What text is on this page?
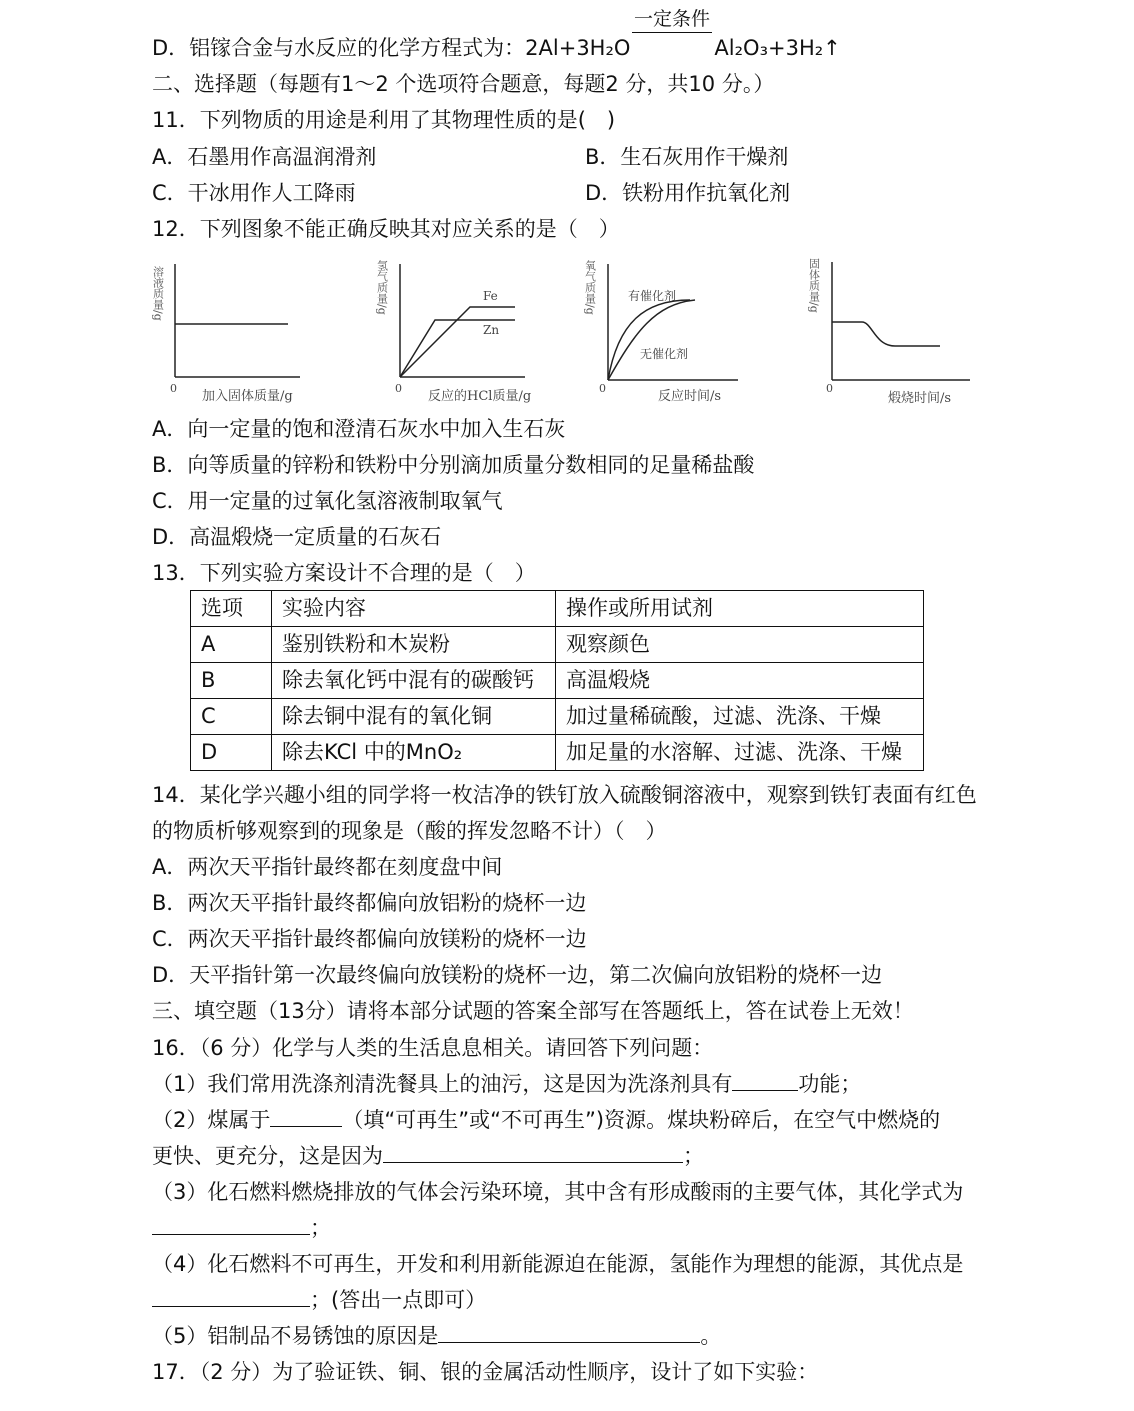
D．铝镓合金与水反应的化学方程式为：2Al+3H₂O　　　　Al₂O₃+3H₂↑
一定条件
二、选择题（每题有1～2 个选项符合题意，每题2 分，共10 分。）
11．下列物质的用途是利用了其物理性质的是(　)
A．石墨用作高温润滑剂	B．生石灰用作干燥剂
C．干冰用作人工降雨	D．铁粉用作抗氧化剂
12．下列图象不能正确反映其对应关系的是（　）
溶液质量/g
0
加入固体质量/g
Fe
Zn
氢气质量/g
0
反应的HCl质量/g
有催化剂
无催化剂
氧气质量/g
0
反应时间/s
固体质量/g
0
煅烧时间/s
A．向一定量的饱和澄清石灰水中加入生石灰
B．向等质量的锌粉和铁粉中分别滴加质量分数相同的足量稀盐酸
C．用一定量的过氧化氢溶液制取氧气
D．高温煅烧一定质量的石灰石
13．下列实验方案设计不合理的是（　）
选项	实验内容	操作或所用试剂
A	鉴别铁粉和木炭粉	观察颜色
B	除去氧化钙中混有的碳酸钙	高温煅烧
C	除去铜中混有的氧化铜	加过量稀硫酸，过滤、洗涤、干燥
D	除去KCl 中的MnO₂	加足量的水溶解、过滤、洗涤、干燥
14．某化学兴趣小组的同学将一枚洁净的铁钉放入硫酸铜溶液中，观察到铁钉表面有红色
的物质析够观察到的现象是（酸的挥发忽略不计）（　）
A．两次天平指针最终都在刻度盘中间
B．两次天平指针最终都偏向放铝粉的烧杯一边
C．两次天平指针最终都偏向放镁粉的烧杯一边
D．天平指针第一次最终偏向放镁粉的烧杯一边，第二次偏向放铝粉的烧杯一边
三、填空题（13分）请将本部分试题的答案全部写在答题纸上，答在试卷上无效！
16．（6 分）化学与人类的生活息息相关。请回答下列问题：
（1）我们常用洗涤剂清洗餐具上的油污，这是因为洗涤剂具有	功能；
（2）煤属于	（填“可再生”或“不可再生”)资源。煤块粉碎后，在空气中燃烧的
更快、更充分，这是因为	；
（3）化石燃料燃烧排放的气体会污染环境，其中含有形成酸雨的主要气体，其化学式为
；
（4）化石燃料不可再生，开发和利用新能源迫在能源，氢能作为理想的能源，其优点是
；(答出一点即可）
（5）铝制品不易锈蚀的原因是	。
17．（2 分）为了验证铁、铜、银的金属活动性顺序，设计了如下实验：
